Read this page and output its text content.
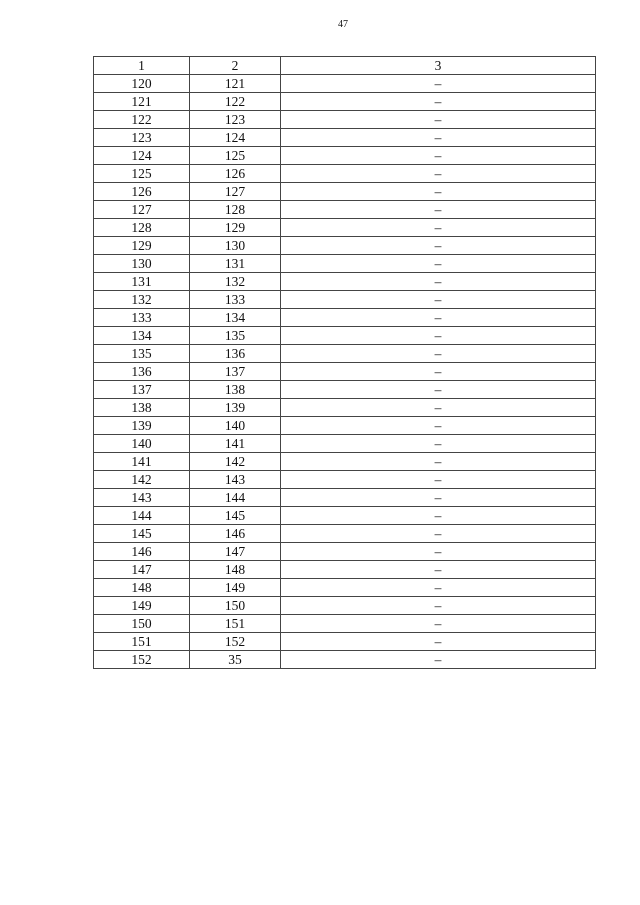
47
1	2	3
120	121	–
121	122	–
122	123	–
123	124	–
124	125	–
125	126	–
126	127	–
127	128	–
128	129	–
129	130	–
130	131	–
131	132	–
132	133	–
133	134	–
134	135	–
135	136	–
136	137	–
137	138	–
138	139	–
139	140	–
140	141	–
141	142	–
142	143	–
143	144	–
144	145	–
145	146	–
146	147	–
147	148	–
148	149	–
149	150	–
150	151	–
151	152	–
152	35	–
